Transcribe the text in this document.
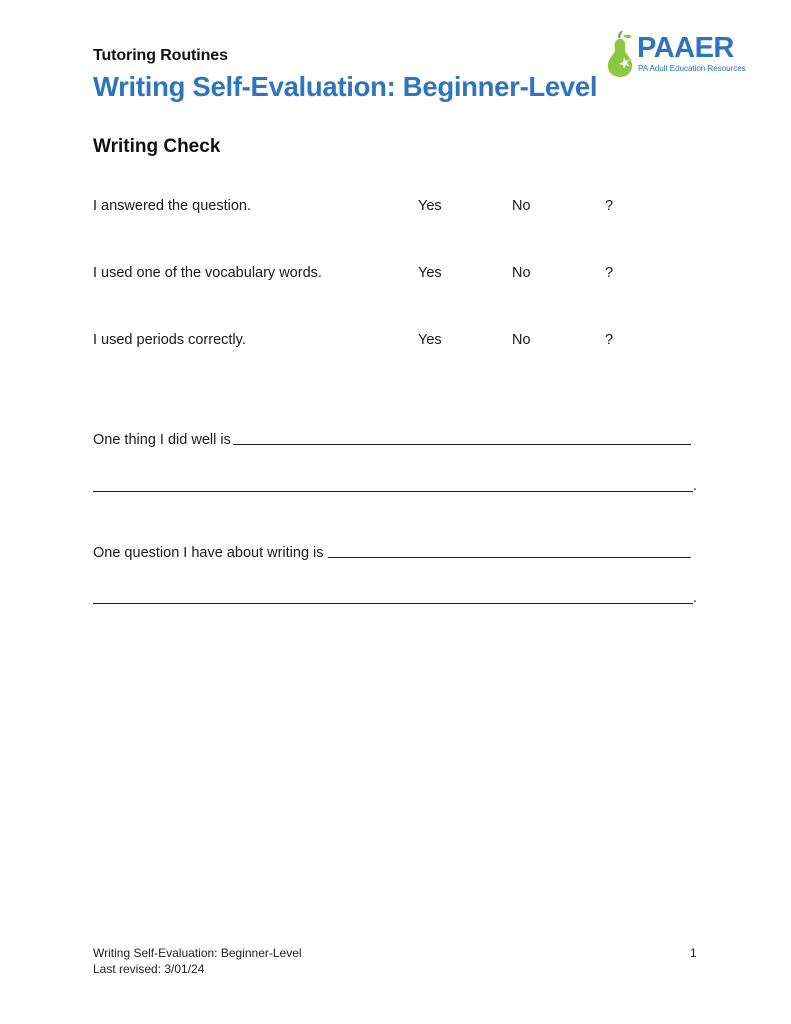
Tutoring Routines
Writing Self-Evaluation: Beginner-Level
PAAER
PA Adult Education Resources
Writing Check
I answered the question.	Yes	No	?
I used one of the vocabulary words.	Yes	No	?
I used periods correctly.	Yes	No	?
One thing I did well is
.
One question I have about writing is
.
Writing Self-Evaluation: Beginner-Level
Last revised: 3/01/24
1
